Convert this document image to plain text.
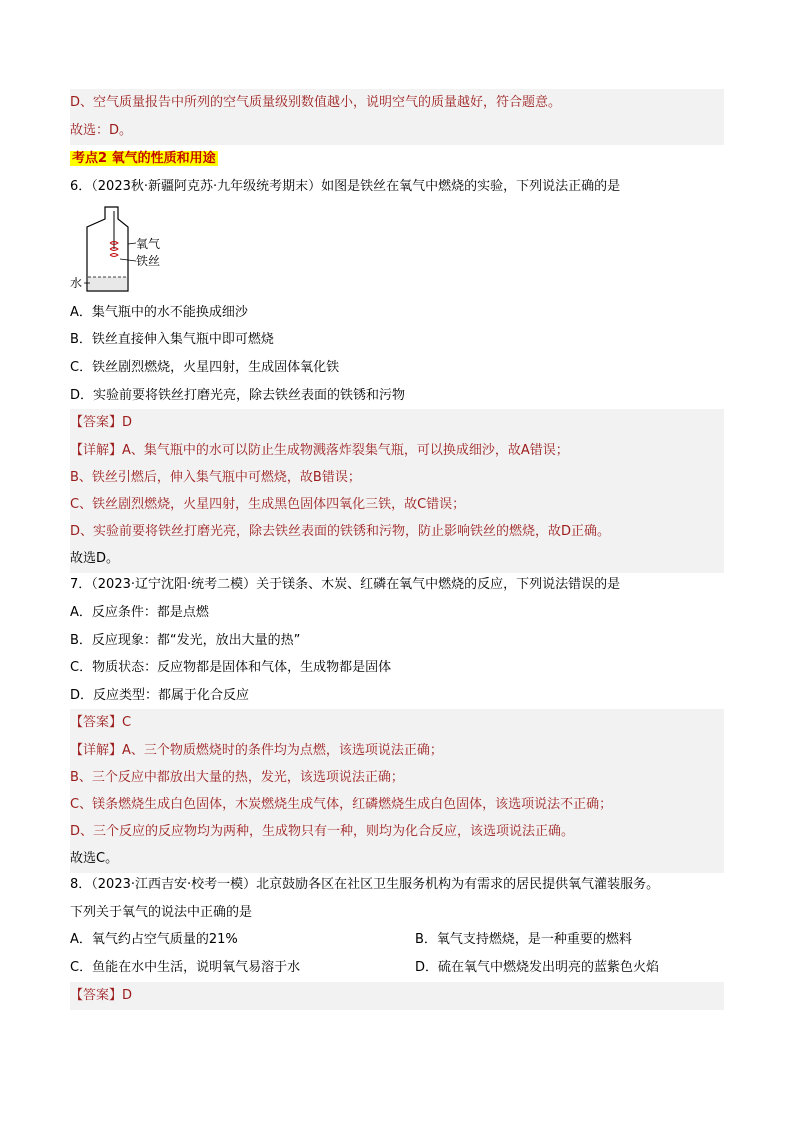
D、空气质量报告中所列的空气质量级别数值越小，说明空气的质量越好，符合题意。
故选：D。
考点2 氧气的性质和用途
6．（2023秋·新疆阿克苏·九年级统考期末）如图是铁丝在氧气中燃烧的实验，下列说法正确的是
氧气
铁丝
水
A．集气瓶中的水不能换成细沙
B．铁丝直接伸入集气瓶中即可燃烧
C．铁丝剧烈燃烧，火星四射，生成固体氧化铁
D．实验前要将铁丝打磨光亮，除去铁丝表面的铁锈和污物
【答案】D
【详解】A、集气瓶中的水可以防止生成物溅落炸裂集气瓶，可以换成细沙，故A错误；
B、铁丝引燃后，伸入集气瓶中可燃烧，故B错误；
C、铁丝剧烈燃烧，火星四射，生成黑色固体四氧化三铁，故C错误；
D、实验前要将铁丝打磨光亮，除去铁丝表面的铁锈和污物，防止影响铁丝的燃烧，故D正确。
故选D。
7．（2023·辽宁沈阳·统考二模）关于镁条、木炭、红磷在氧气中燃烧的反应，下列说法错误的是
A．反应条件：都是点燃
B．反应现象：都“发光，放出大量的热”
C．物质状态：反应物都是固体和气体，生成物都是固体
D．反应类型：都属于化合反应
【答案】C
【详解】A、三个物质燃烧时的条件均为点燃，该选项说法正确；
B、三个反应中都放出大量的热，发光，该选项说法正确；
C、镁条燃烧生成白色固体，木炭燃烧生成气体，红磷燃烧生成白色固体，该选项说法不正确；
D、三个反应的反应物均为两种，生成物只有一种，则均为化合反应，该选项说法正确。
故选C。
8．（2023·江西吉安·校考一模）北京鼓励各区在社区卫生服务机构为有需求的居民提供氧气灌装服务。
下列关于氧气的说法中正确的是
A．氧气约占空气质量的21%	B．氧气支持燃烧，是一种重要的燃料
C．鱼能在水中生活，说明氧气易溶于水	D．硫在氧气中燃烧发出明亮的蓝紫色火焰
【答案】D
